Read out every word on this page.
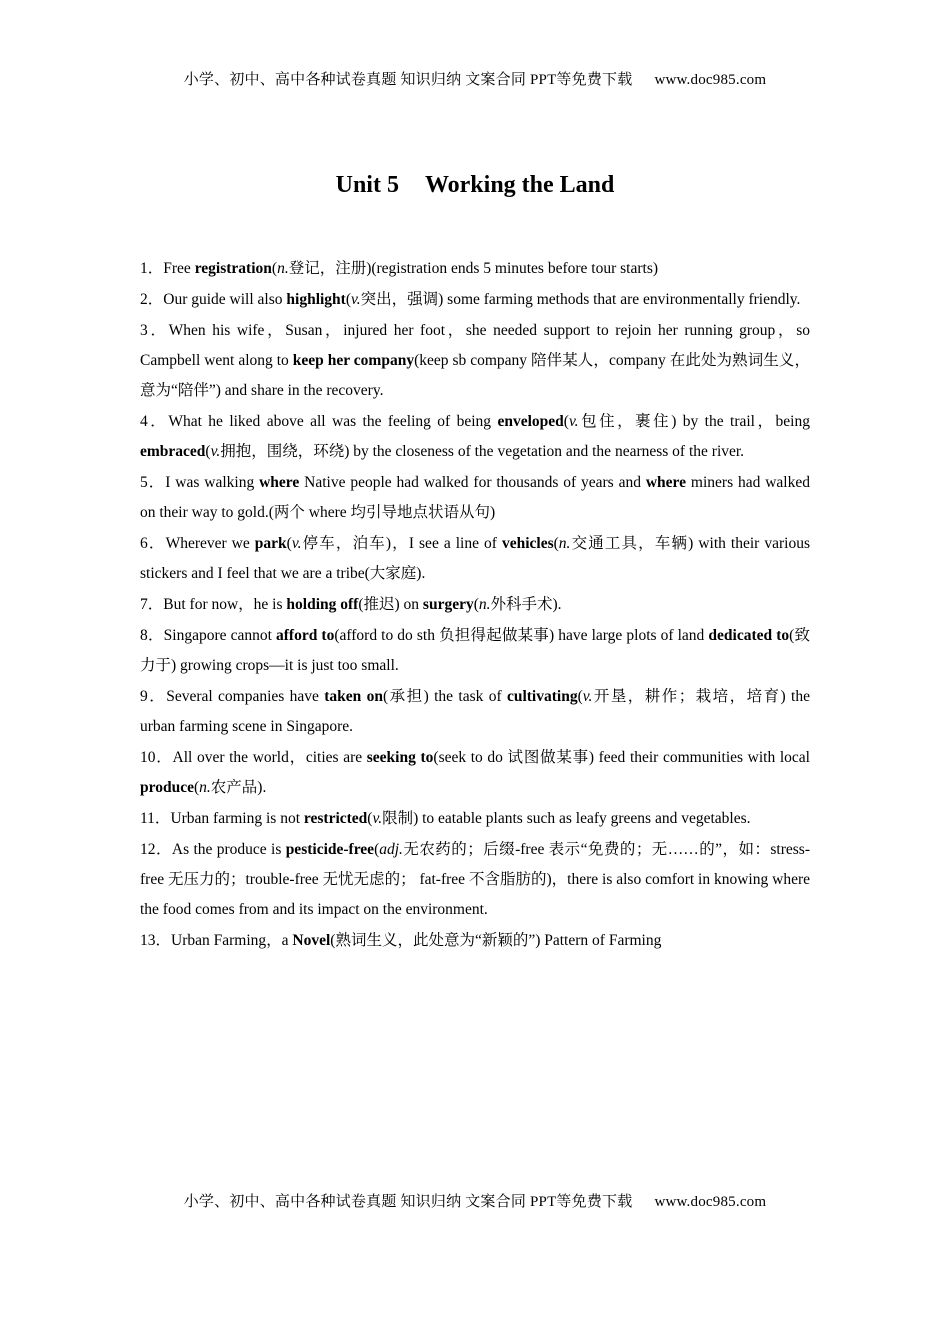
小学、初中、高中各种试卷真题 知识归纳 文案合同 PPT等免费下载 www.doc985.com
Unit 5 Working the Land
1．Free registration(n.登记，注册)(registration ends 5 minutes before tour starts)
2．Our guide will also highlight(v.突出，强调) some farming methods that are environmentally friendly.
3．When his wife，Susan，injured her foot，she needed support to rejoin her running group，so Campbell went along to keep her company(keep sb company 陪伴某人，company 在此处为熟词生义，意为“陪伴”) and share in the recovery.
4．What he liked above all was the feeling of being enveloped(v.包住，裹住) by the trail，being embraced(v.拥抱，围绕，环绕) by the closeness of the vegetation and the nearness of the river.
5．I was walking where Native people had walked for thousands of years and where miners had walked on their way to gold.(两个 where 均引导地点状语从句)
6．Wherever we park(v.停车，泊车)，I see a line of vehicles(n.交通工具，车辆) with their various stickers and I feel that we are a tribe(大家庭).
7．But for now，he is holding off(推迟) on surgery(n.外科手术).
8．Singapore cannot afford to(afford to do sth 负担得起做某事) have large plots of land dedicated to(致力于) growing crops—it is just too small.
9．Several companies have taken on(承担) the task of cultivating(v.开垦，耕作；栽培，培育) the urban farming scene in Singapore.
10．All over the world，cities are seeking to(seek to do 试图做某事) feed their communities with local produce(n.农产品).
11．Urban farming is not restricted(v.限制) to eatable plants such as leafy greens and vegetables.
12．As the produce is pesticide-free(adj.无农药的；后缀-free 表示“免费的；无……的”，如：stress-free 无压力的；trouble-free 无忧无虑的； fat-free 不含脂肪的)，there is also comfort in knowing where the food comes from and its impact on the environment.
13．Urban Farming，a Novel(熟词生义，此处意为“新颖的”) Pattern of Farming
小学、初中、高中各种试卷真题 知识归纳 文案合同 PPT等免费下载 www.doc985.com
